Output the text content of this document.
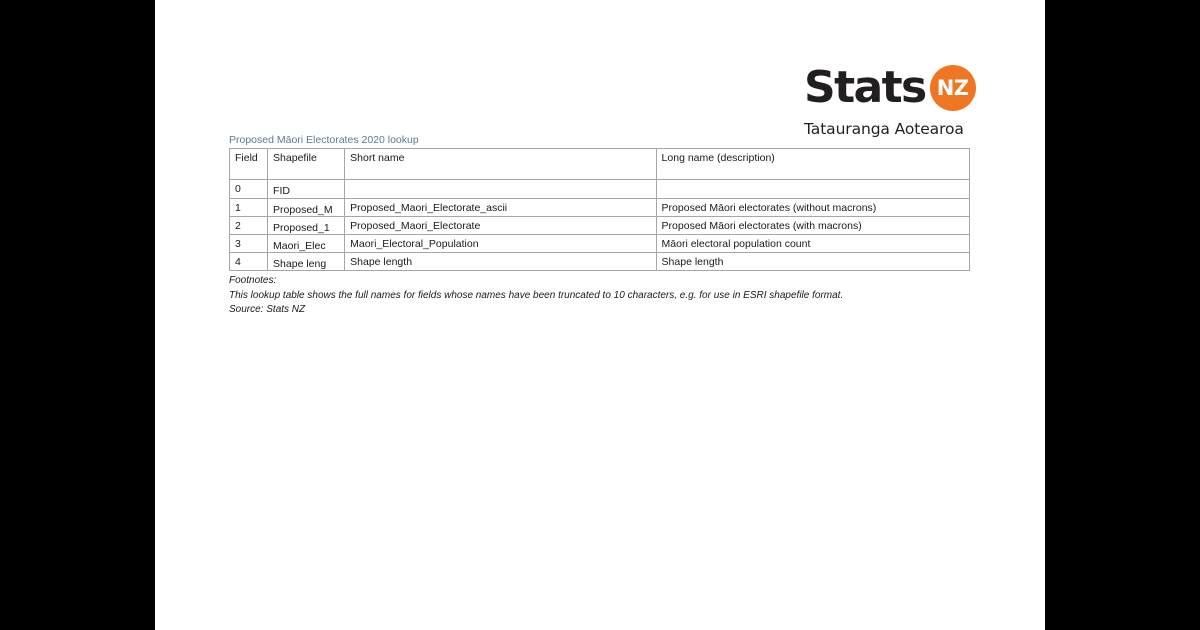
Stats NZ
Tatauranga Aotearoa
Proposed Māori Electorates 2020 lookup
Field	Shapefile	Short name	Long name (description)
0	FID		
1	Proposed_M	Proposed_Maori_Electorate_ascii	Proposed Māori electorates (without macrons)
2	Proposed_1	Proposed_Maori_Electorate	Proposed Māori electorates (with macrons)
3	Maori_Elec	Maori_Electoral_Population	Māori electoral population count
4	Shape leng	Shape length	Shape length
Footnotes:
This lookup table shows the full names for fields whose names have been truncated to 10 characters, e.g. for use in ESRI shapefile format.
Source: Stats NZ
